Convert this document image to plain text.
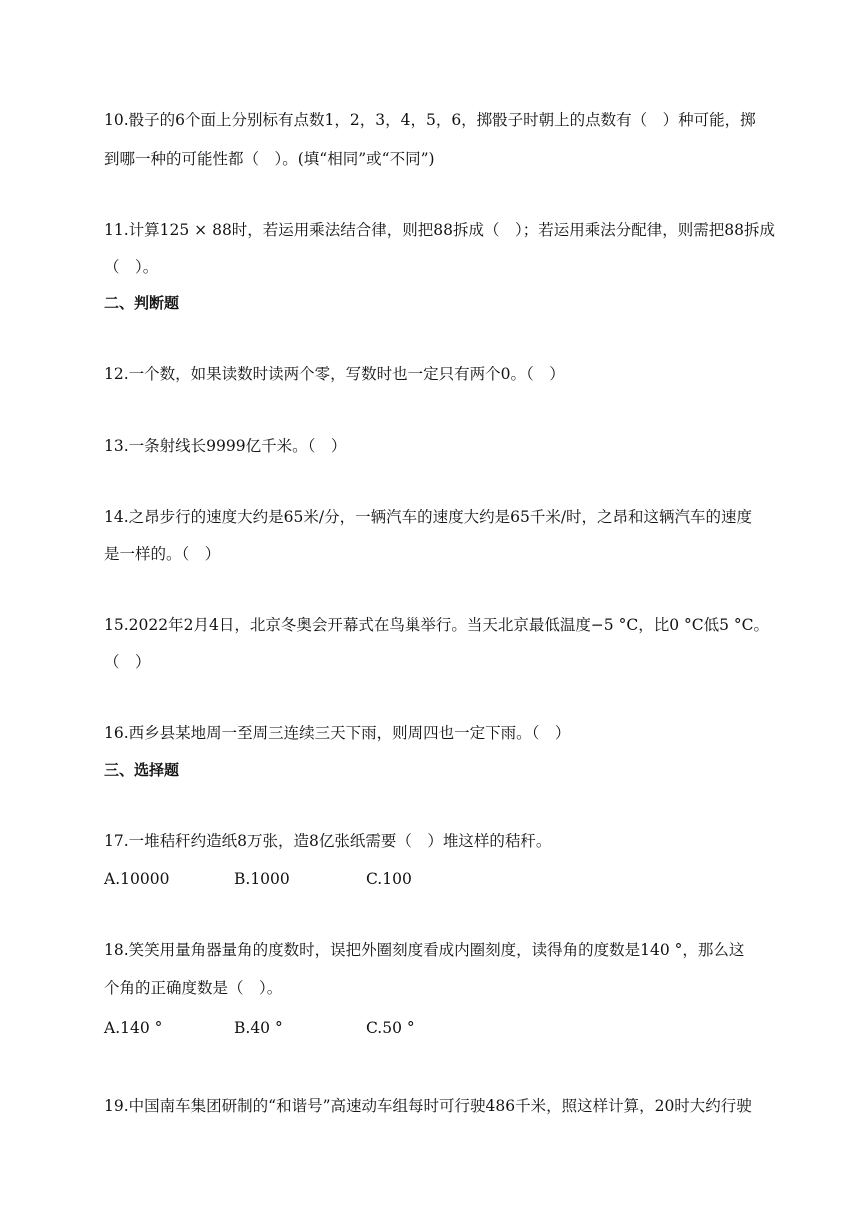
10.骰子的6个面上分别标有点数1，2，3，4，5，6，掷骰子时朝上的点数有（　）种可能，掷
到哪一种的可能性都（　）。(填“相同”或“不同”)
11.计算125 × 88时，若运用乘法结合律，则把88拆成（　）；若运用乘法分配律，则需把88拆成
（　）。
二、判断题
12.一个数，如果读数时读两个零，写数时也一定只有两个0。（　）
13.一条射线长9999亿千米。（　）
14.之昂步行的速度大约是65米/分，一辆汽车的速度大约是65千米/时，之昂和这辆汽车的速度
是一样的。（　）
15.2022年2月4日，北京冬奥会开幕式在鸟巢举行。当天北京最低温度−5 °C，比0 °C低5 °C。
（　）
16.西乡县某地周一至周三连续三天下雨，则周四也一定下雨。（　）
三、选择题
17.一堆秸秆约造纸8万张，造8亿张纸需要（　）堆这样的秸秆。
A.10000	B.1000	C.100
18.笑笑用量角器量角的度数时，误把外圈刻度看成内圈刻度，读得角的度数是140 °，那么这
个角的正确度数是（　）。
A.140 °	B.40 °	C.50 °
19.中国南车集团研制的“和谐号”高速动车组每时可行驶486千米，照这样计算，20时大约行驶
